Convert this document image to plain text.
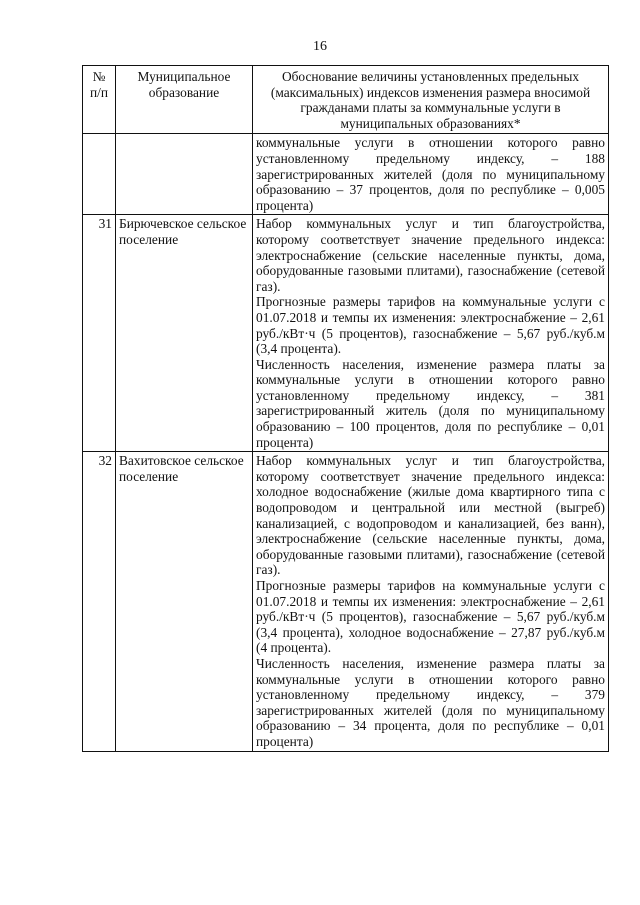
16
№ п/п	Муниципальное образование	Обоснование величины установленных предельных (максимальных) индексов изменения размера вносимой гражданами платы за коммунальные услуги в муниципальных образованиях*

		коммунальные услуги в отношении которого равно установленному предельному индексу, – 188 зарегистрированных жителей (доля по муниципальному образованию – 37 процентов, доля по республике – 0,005 процента)

31	Бирючевское сельское поселение	Набор коммунальных услуг и тип благоустройства, которому соответствует значение предельного индекса: электроснабжение (сельские населенные пункты, дома, оборудованные газовыми плитами), газоснабжение (сетевой газ).

Прогнозные размеры тарифов на коммунальные услуги с 01.07.2018 и темпы их изменения: электроснабжение – 2,61 руб./кВт·ч (5 процентов), газоснабжение – 5,67 руб./куб.м (3,4 процента).

Численность населения, изменение размера платы за коммунальные услуги в отношении которого равно установленному предельному индексу, – 381 зарегистрированный житель (доля по муниципальному образованию – 100 процентов, доля по республике – 0,01 процента)

32	Вахитовское сельское поселение	Набор коммунальных услуг и тип благоустройства, которому соответствует значение предельного индекса: холодное водоснабжение (жилые дома квартирного типа с водопроводом и центральной или местной (выгреб) канализацией, с водопроводом и канализацией, без ванн), электроснабжение (сельские населенные пункты, дома, оборудованные газовыми плитами), газоснабжение (сетевой газ).

Прогнозные размеры тарифов на коммунальные услуги с 01.07.2018 и темпы их изменения: электроснабжение – 2,61 руб./кВт·ч (5 процентов), газоснабжение – 5,67 руб./куб.м (3,4 процента), холодное водоснабжение – 27,87 руб./куб.м (4 процента).

Численность населения, изменение размера платы за коммунальные услуги в отношении которого равно установленному предельному индексу, – 379 зарегистрированных жителей (доля по муниципальному образованию – 34 процента, доля по республике – 0,01 процента)
